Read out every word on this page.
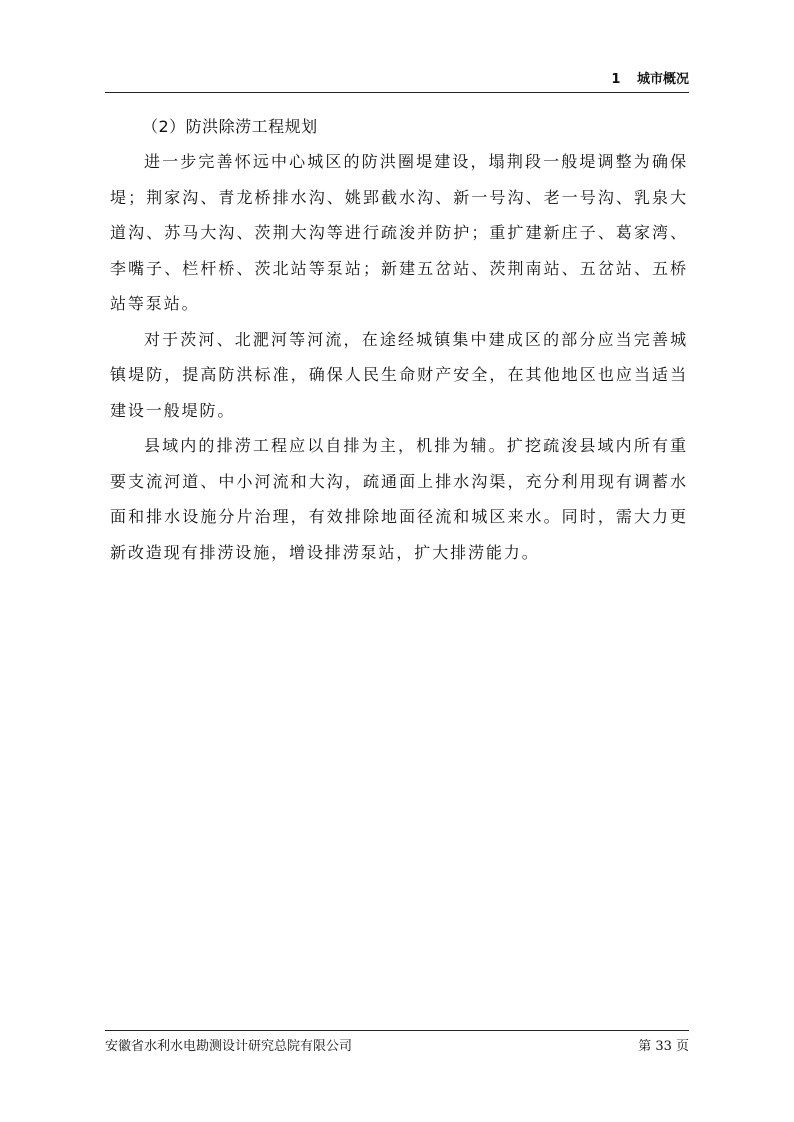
1 城市概况

（2）防洪除涝工程规划

进一步完善怀远中心城区的防洪圈堤建设，塌荆段一般堤调整为确保堤；荆家沟、青龙桥排水沟、姚郢截水沟、新一号沟、老一号沟、乳泉大道沟、苏马大沟、茨荆大沟等进行疏浚并防护；重扩建新庄子、葛家湾、李嘴子、栏杆桥、茨北站等泵站；新建五岔站、茨荆南站、五岔站、五桥站等泵站。

对于茨河、北淝河等河流，在途经城镇集中建成区的部分应当完善城镇堤防，提高防洪标准，确保人民生命财产安全，在其他地区也应当适当建设一般堤防。

县域内的排涝工程应以自排为主，机排为辅。扩挖疏浚县域内所有重要支流河道、中小河流和大沟，疏通面上排水沟渠，充分利用现有调蓄水面和排水设施分片治理，有效排除地面径流和城区来水。同时，需大力更新改造现有排涝设施，增设排涝泵站，扩大排涝能力。

安徽省水利水电勘测设计研究总院有限公司	第 33 页
